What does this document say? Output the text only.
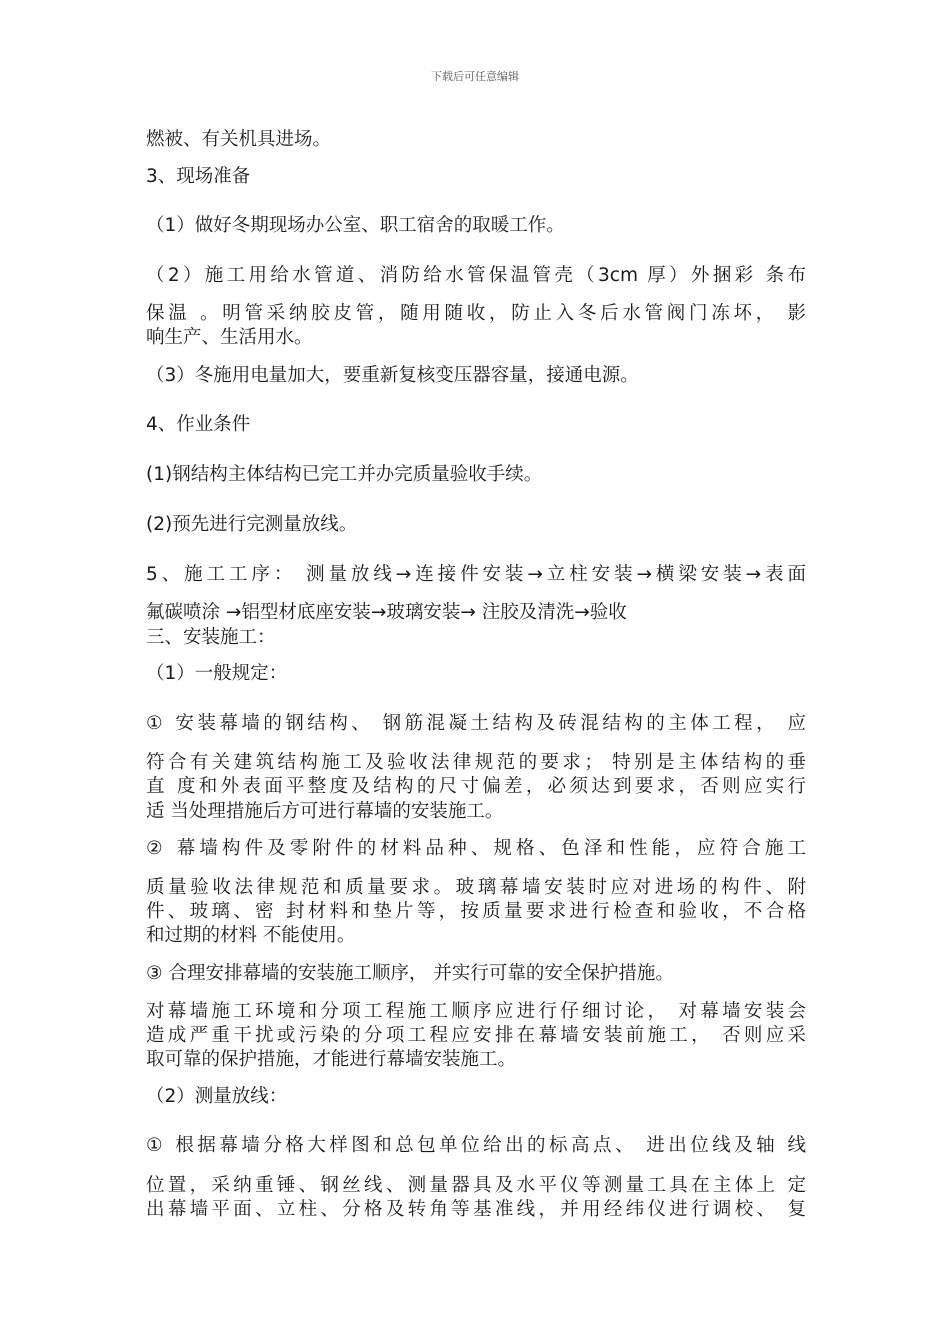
下载后可任意编辑
燃被、有关机具进场。
3、现场准备
（1）做好冬期现场办公室、职工宿舍的取暖工作。
（2）施工用给水管道、消防给水管保温管壳（3cm 厚）外捆彩 条布
保温 。明管采纳胶皮管，随用随收，防止入冬后水管阀门冻坏， 影
响生产、生活用水。
（3）冬施用电量加大，要重新复核变压器容量，接通电源。
4、作业条件
(1)钢结构主体结构已完工并办完质量验收手续。
(2)预先进行完测量放线。
5、施工工序： 测量放线→连接件安装→立柱安装→横梁安装→表面
氟碳喷涂 →铝型材底座安装→玻璃安装→ 注胶及清洗→验收
三、安装施工：
（1）一般规定：
① 安装幕墙的钢结构、 钢筋混凝土结构及砖混结构的主体工程， 应
符合有关建筑结构施工及验收法律规范的要求； 特别是主体结构的垂
直 度和外表面平整度及结构的尺寸偏差，必须达到要求，否则应实行
适 当处理措施后方可进行幕墙的安装施工。
② 幕墙构件及零附件的材料品种、规格、色泽和性能，应符合施工
质量验收法律规范和质量要求。玻璃幕墙安装时应对进场的构件、附
件、玻璃、密 封材料和垫片等，按质量要求进行检查和验收，不合格
和过期的材料 不能使用。
③ 合理安排幕墙的安装施工顺序， 并实行可靠的安全保护措施。
对幕墙施工环境和分项工程施工顺序应进行仔细讨论， 对幕墙安装会
造成严重干扰或污染的分项工程应安排在幕墙安装前施工， 否则应采
取可靠的保护措施，才能进行幕墙安装施工。
（2）测量放线：
① 根据幕墙分格大样图和总包单位给出的标高点、 进出位线及轴 线
位置，采纳重锤、钢丝线、测量器具及水平仪等测量工具在主体上 定
出幕墙平面、立柱、分格及转角等基准线，并用经纬仪进行调校、 复
